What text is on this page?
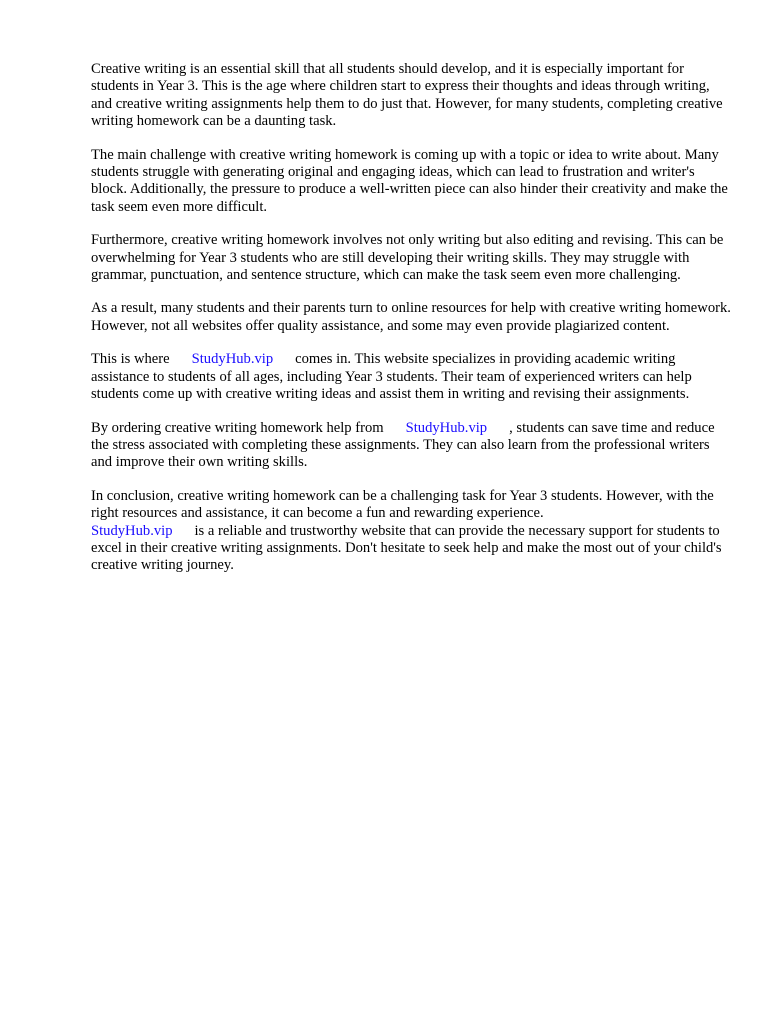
Creative writing is an essential skill that all students should develop, and it is especially important for students in Year 3. This is the age where children start to express their thoughts and ideas through writing, and creative writing assignments help them to do just that. However, for many students, completing creative writing homework can be a daunting task.

The main challenge with creative writing homework is coming up with a topic or idea to write about. Many students struggle with generating original and engaging ideas, which can lead to frustration and writer's block. Additionally, the pressure to produce a well-written piece can also hinder their creativity and make the task seem even more difficult.

Furthermore, creative writing homework involves not only writing but also editing and revising. This can be overwhelming for Year 3 students who are still developing their writing skills. They may struggle with grammar, punctuation, and sentence structure, which can make the task seem even more challenging.

As a result, many students and their parents turn to online resources for help with creative writing homework. However, not all websites offer quality assistance, and some may even provide plagiarized content.

This is where StudyHub.vip comes in. This website specializes in providing academic writing assistance to students of all ages, including Year 3 students. Their team of experienced writers can help students come up with creative writing ideas and assist them in writing and revising their assignments.

By ordering creative writing homework help from StudyHub.vip , students can save time and reduce the stress associated with completing these assignments. They can also learn from the professional writers and improve their own writing skills.

In conclusion, creative writing homework can be a challenging task for Year 3 students. However, with the right resources and assistance, it can become a fun and rewarding experience.
StudyHub.vip is a reliable and trustworthy website that can provide the necessary support for students to excel in their creative writing assignments. Don't hesitate to seek help and make the most out of your child's creative writing journey.
